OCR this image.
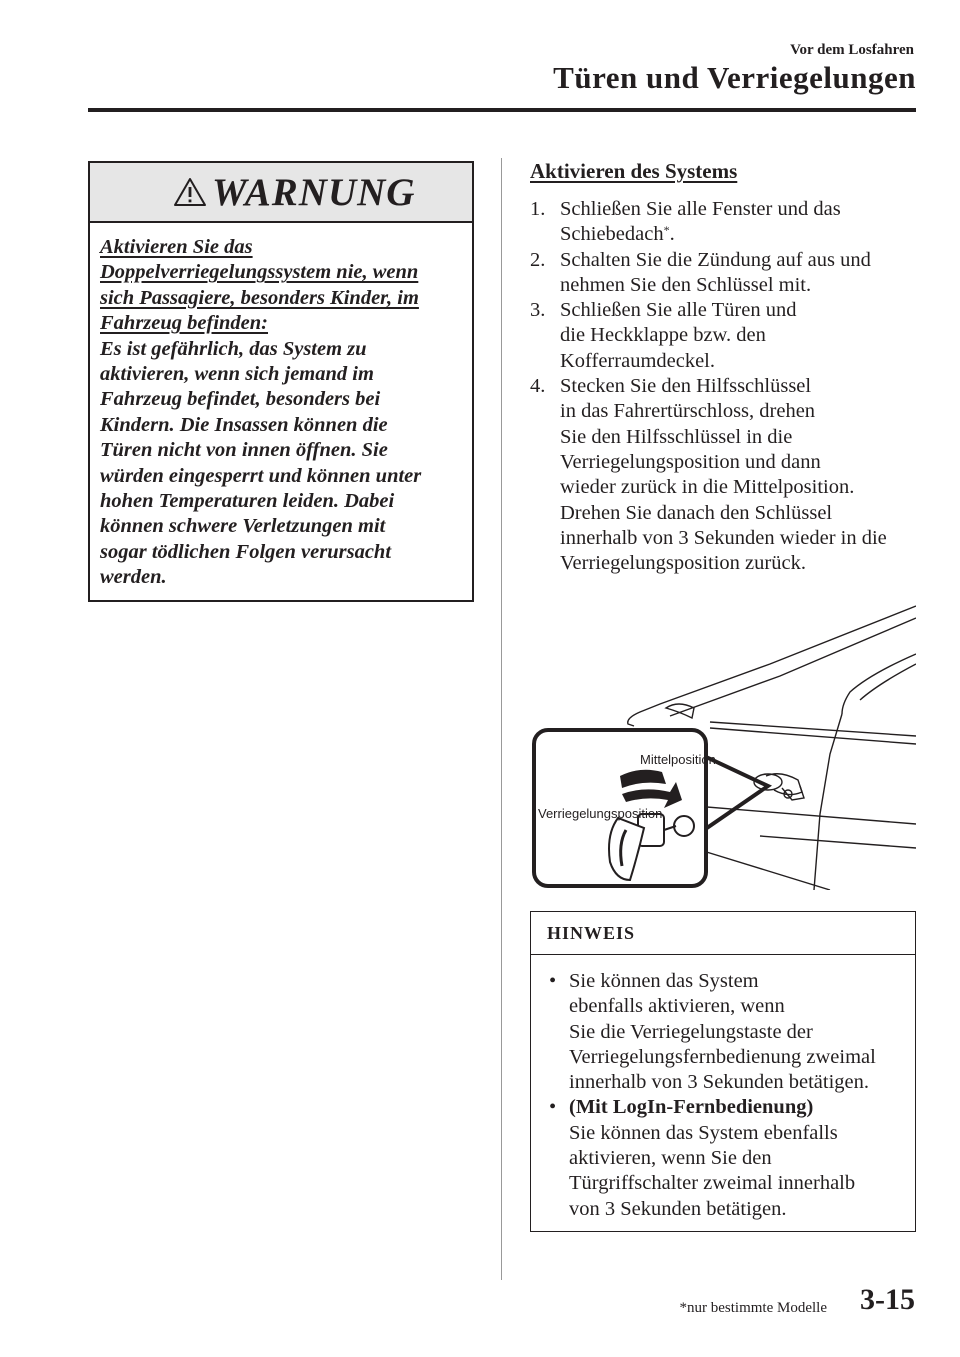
Vor dem Losfahren
Türen und Verriegelungen
WARNUNG

Aktivieren Sie das

Doppelverriegelungssystem nie, wenn

sich Passagiere, besonders Kinder, im

Fahrzeug befinden:

Es ist gefährlich, das System zu

aktivieren, wenn sich jemand im

Fahrzeug befindet, besonders bei

Kindern. Die Insassen können die

Türen nicht von innen öffnen. Sie

würden eingesperrt und können unter

hohen Temperaturen leiden. Dabei

können schwere Verletzungen mit

sogar tödlichen Folgen verursacht

werden.

Aktivieren des Systems
1. Schließen Sie alle Fenster und das
Schiebedach*.
2. Schalten Sie die Zündung auf aus und
nehmen Sie den Schlüssel mit.
3. Schließen Sie alle Türen und
die Heckklappe bzw. den
Kofferraumdeckel.
4. Stecken Sie den Hilfsschlüssel
in das Fahrertürschloss, drehen
Sie den Hilfsschlüssel in die
Verriegelungsposition und dann
wieder zurück in die Mittelposition.
Drehen Sie danach den Schlüssel
innerhalb von 3 Sekunden wieder in die
Verriegelungsposition zurück.
Mittelposition
Verriegelungsposition
HINWEIS
• Sie können das System
ebenfalls aktivieren, wenn
Sie die Verriegelungstaste der
Verriegelungsfernbedienung zweimal
innerhalb von 3 Sekunden betätigen.
• (Mit LogIn-Fernbedienung)
Sie können das System ebenfalls
aktivieren, wenn Sie den
Türgriffschalter zweimal innerhalb
von 3 Sekunden betätigen.
*nur bestimmte Modelle 3-15
